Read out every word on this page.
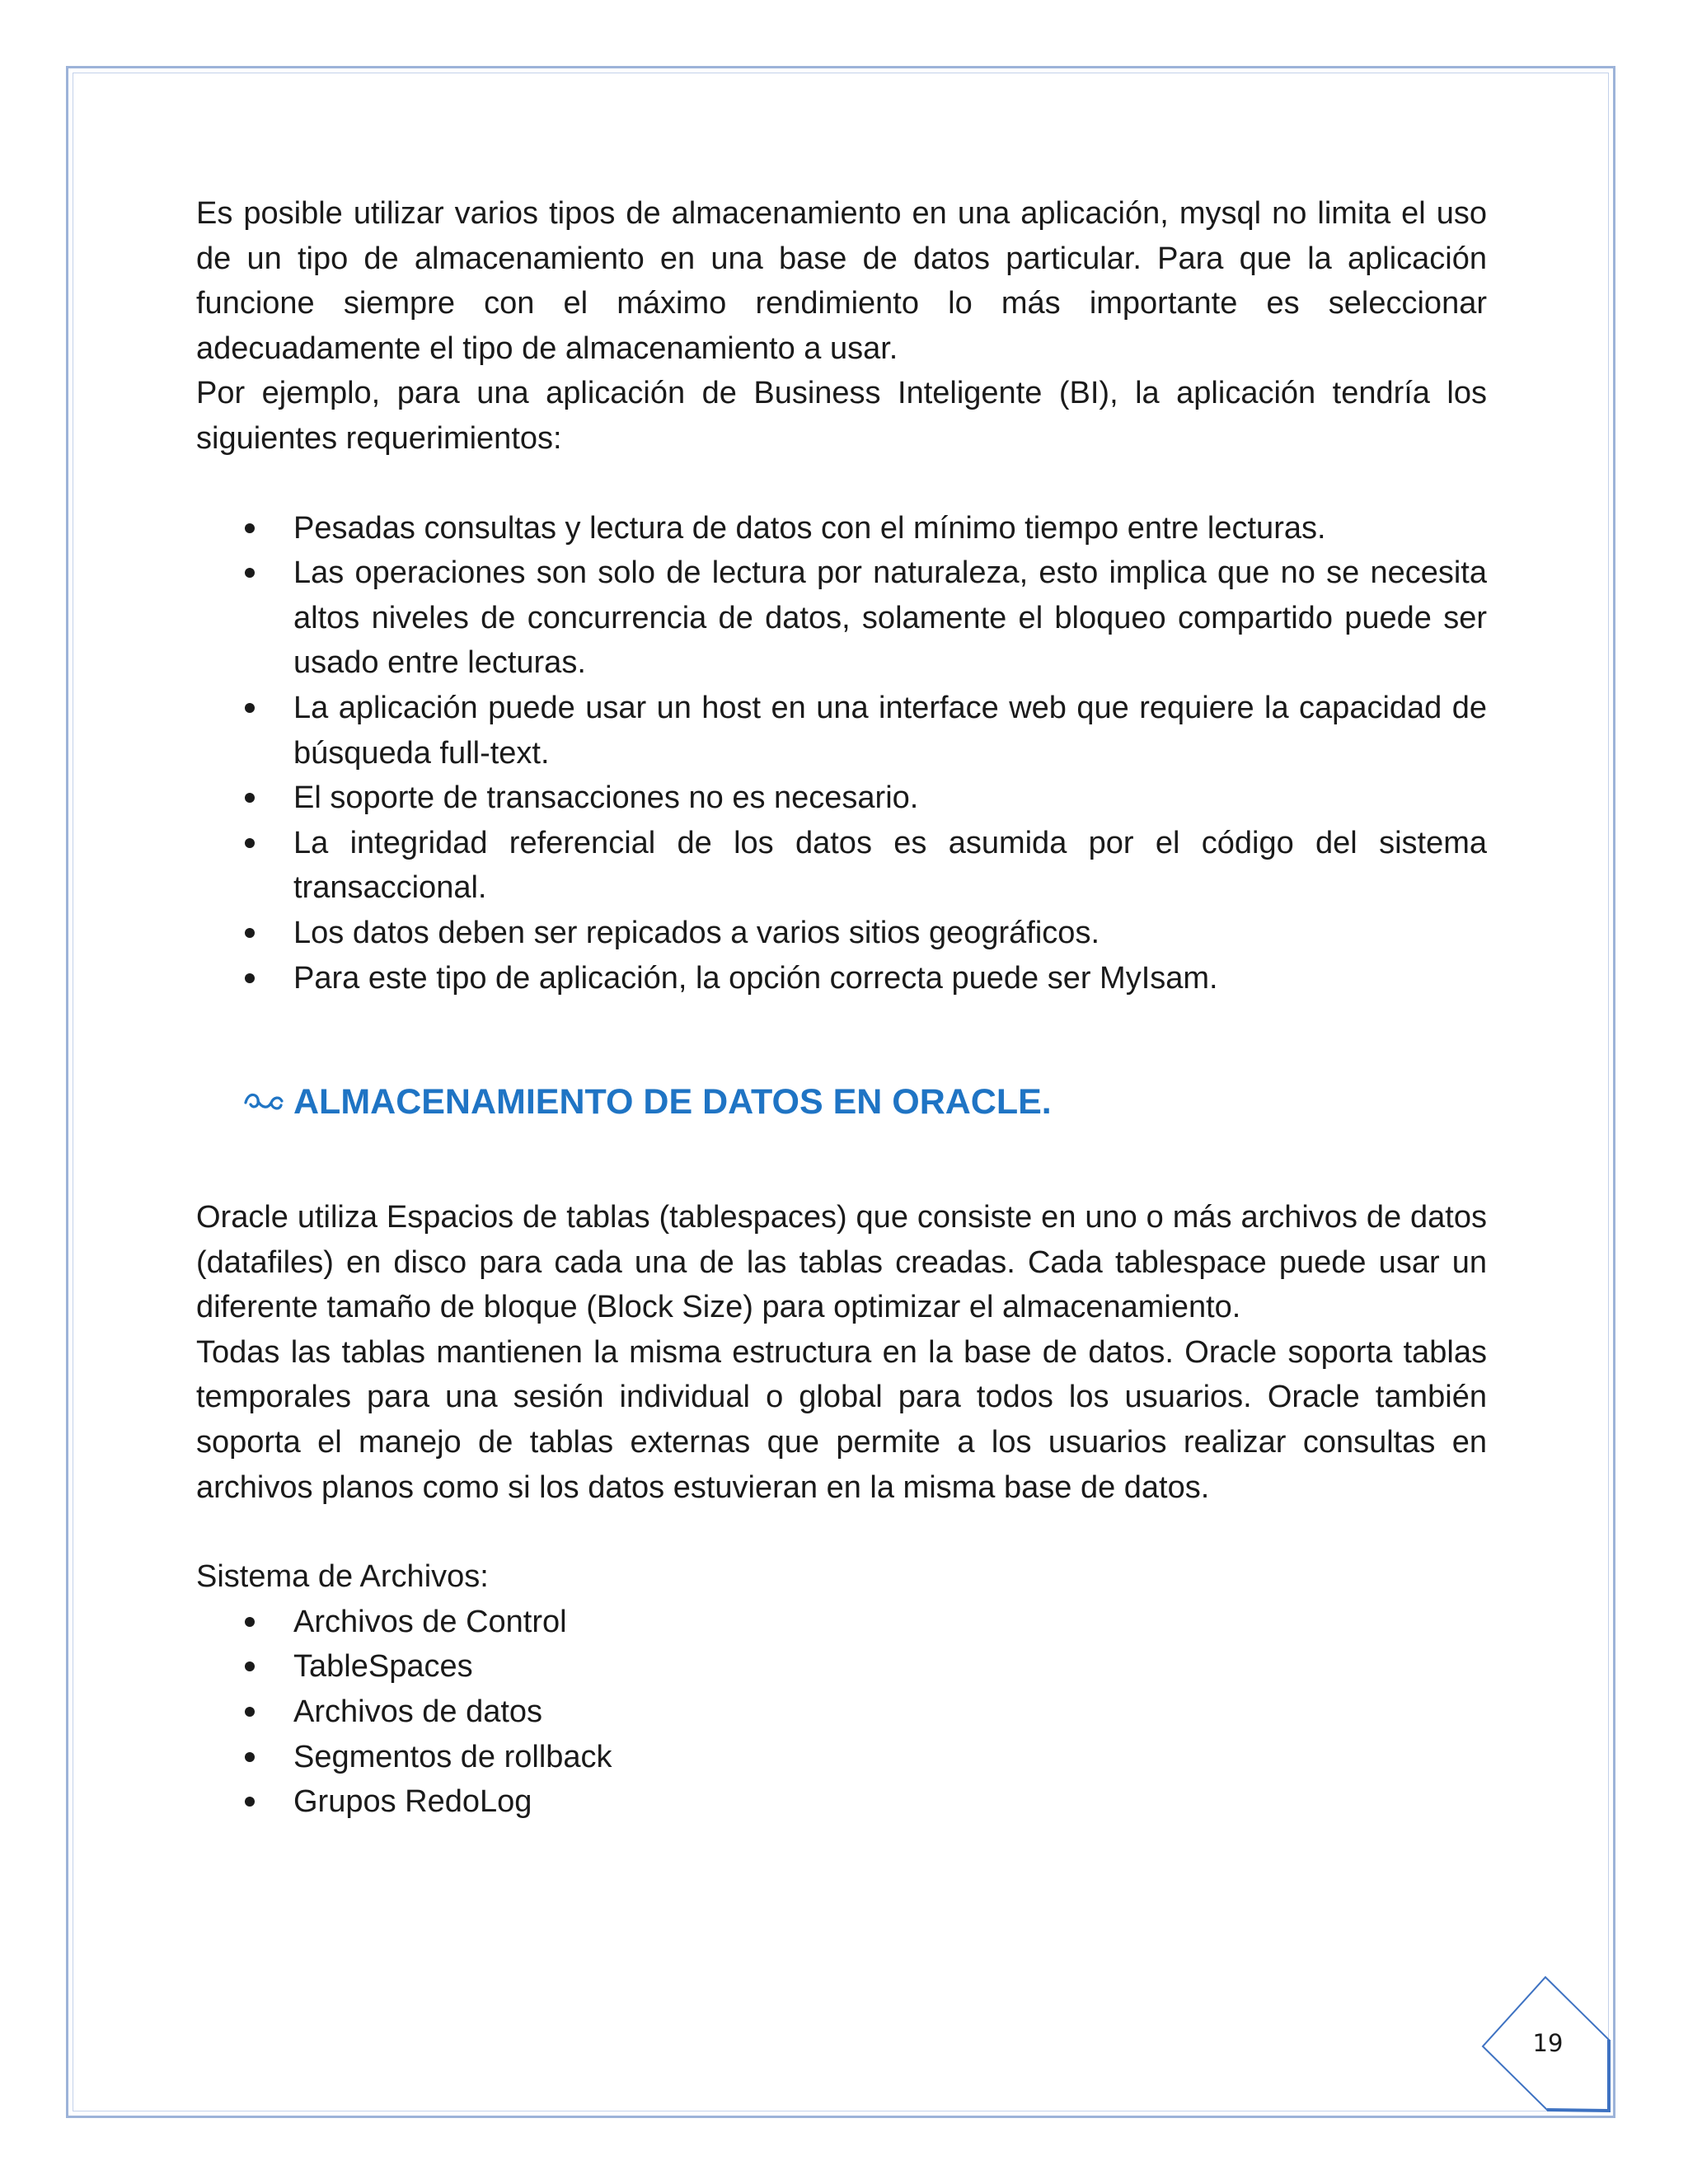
Es posible utilizar varios tipos de almacenamiento en una aplicación, mysql no limita el uso de un tipo de almacenamiento en una base de datos particular. Para que la aplicación funcione siempre con el máximo rendimiento lo más importante es seleccionar adecuadamente el tipo de almacenamiento a usar.

Por ejemplo, para una aplicación de Business Inteligente (BI), la aplicación tendría los siguientes requerimientos:

Pesadas consultas y lectura de datos con el mínimo tiempo entre lecturas.
Las operaciones son solo de lectura por naturaleza, esto implica que no se necesita altos niveles de concurrencia de datos, solamente el bloqueo compartido puede ser usado entre lecturas.
La aplicación puede usar un host en una interface web que requiere la capacidad de búsqueda full-text.
El soporte de transacciones no es necesario.
La integridad referencial de los datos es asumida por el código del sistema transaccional.
Los datos deben ser repicados a varios sitios geográficos.
Para este tipo de aplicación, la opción correcta puede ser MyIsam.
ALMACENAMIENTO DE DATOS EN ORACLE.

Oracle utiliza Espacios de tablas (tablespaces) que consiste en uno o más archivos de datos (datafiles) en disco para cada una de las tablas creadas. Cada tablespace puede usar un diferente tamaño de bloque (Block Size) para optimizar el almacenamiento.

Todas las tablas mantienen la misma estructura en la base de datos. Oracle soporta tablas temporales para una sesión individual o global para todos los usuarios. Oracle también soporta el manejo de tablas externas que permite a los usuarios realizar consultas en archivos planos como si los datos estuvieran en la misma base de datos.

Sistema de Archivos:

Archivos de Control
TableSpaces
Archivos de datos
Segmentos de rollback
Grupos RedoLog
19
